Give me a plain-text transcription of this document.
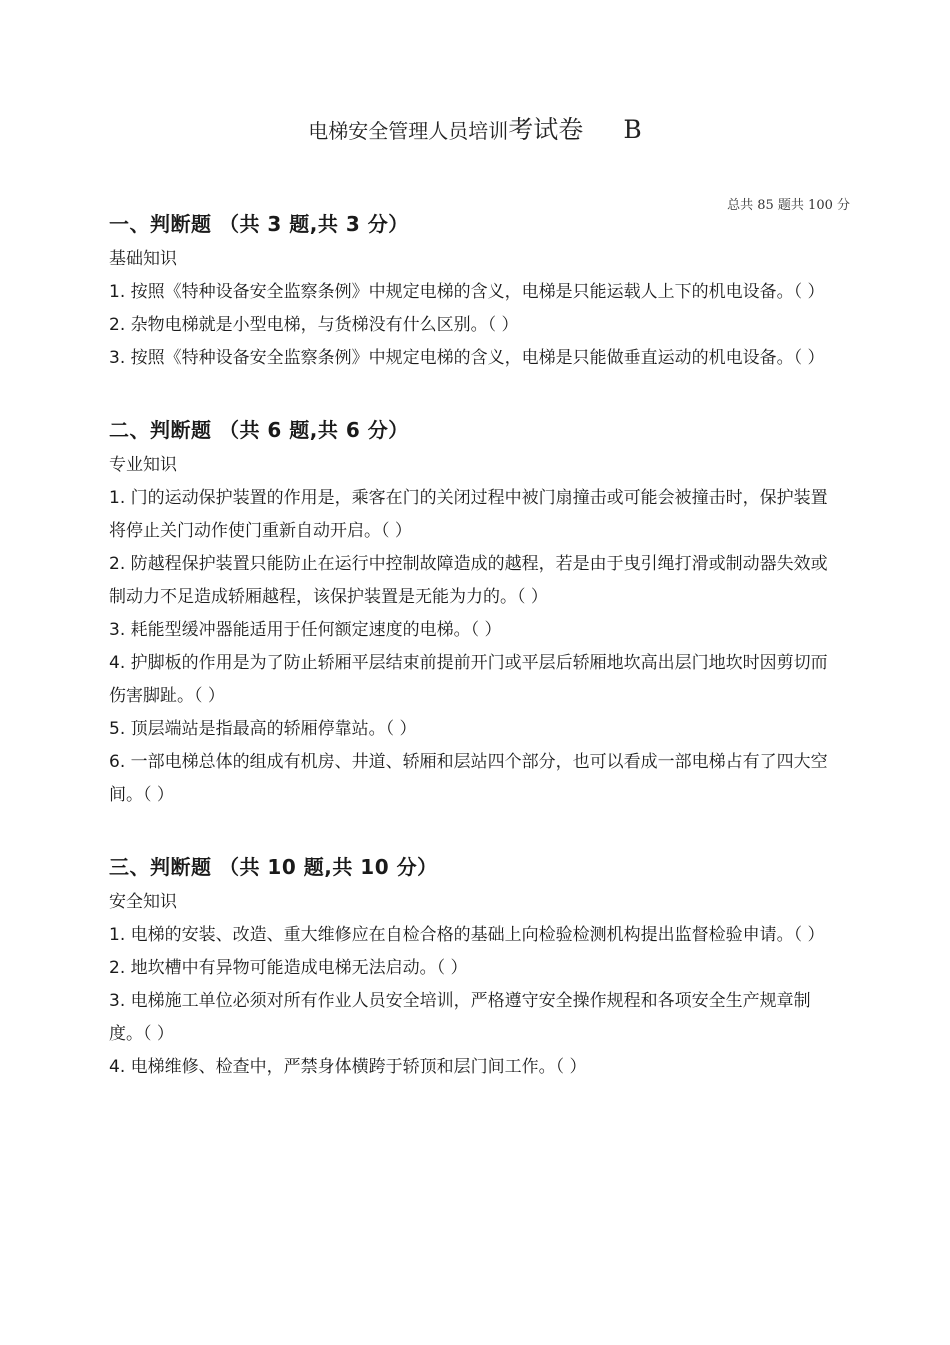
电梯安全管理人员培训考试卷 B
总共 85 题共 100 分
一、判断题 （共 3 题,共 3 分）
基础知识
1. 按照《特种设备安全监察条例》中规定电梯的含义，电梯是只能运载人上下的机电设备。（ ）
2. 杂物电梯就是小型电梯，与货梯没有什么区别。（ ）
3. 按照《特种设备安全监察条例》中规定电梯的含义，电梯是只能做垂直运动的机电设备。（ ）
二、判断题 （共 6 题,共 6 分）
专业知识
1. 门的运动保护装置的作用是，乘客在门的关闭过程中被门扇撞击或可能会被撞击时，保护装置将停止关门动作使门重新自动开启。（ ）
2. 防越程保护装置只能防止在运行中控制故障造成的越程，若是由于曳引绳打滑或制动器失效或制动力不足造成轿厢越程，该保护装置是无能为力的。（ ）
3. 耗能型缓冲器能适用于任何额定速度的电梯。（ ）
4. 护脚板的作用是为了防止轿厢平层结束前提前开门或平层后轿厢地坎高出层门地坎时因剪切而伤害脚趾。（ ）
5. 顶层端站是指最高的轿厢停靠站。（ ）
6. 一部电梯总体的组成有机房、井道、轿厢和层站四个部分，也可以看成一部电梯占有了四大空间。（ ）
三、判断题 （共 10 题,共 10 分）
安全知识
1. 电梯的安装、改造、重大维修应在自检合格的基础上向检验检测机构提出监督检验申请。（ ）
2. 地坎槽中有异物可能造成电梯无法启动。（ ）
3. 电梯施工单位必须对所有作业人员安全培训，严格遵守安全操作规程和各项安全生产规章制度。（ ）
4. 电梯维修、检查中，严禁身体横跨于轿顶和层门间工作。（ ）
